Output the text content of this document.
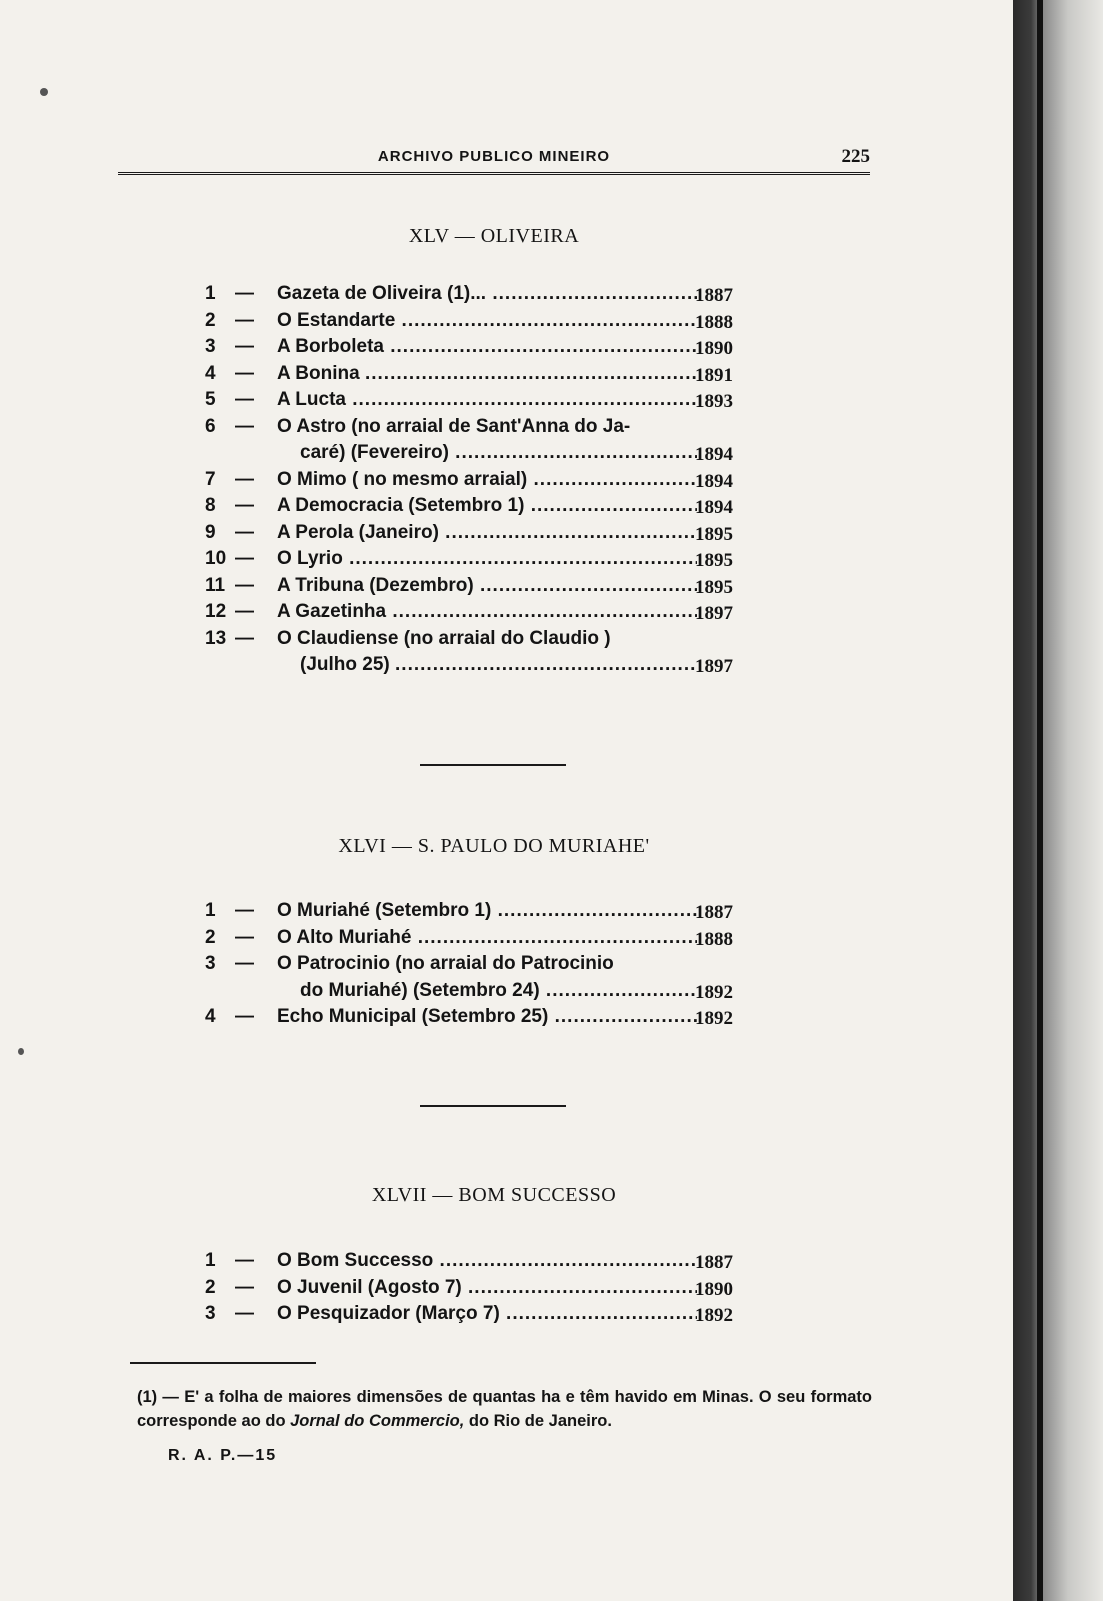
ARCHIVO PUBLICO MINEIRO	225
XLV — OLIVEIRA
1	— Gazeta de Oliveira (1)... .....	1887
2	— O Estandarte .....	1888
3	— A Borboleta .....	1890
4	— A Bonina .....	1891
5	— A Lucta .....	1893
6	— O Astro (no arraial de Sant'Anna do Ja-
caré) (Fevereiro) .....	1894
7	— O Mimo ( no mesmo arraial) .....	1894
8	— A Democracia (Setembro 1) .....	1894
9	— A Perola (Janeiro) .....	1895
10 — O Lyrio .....	1895
11 — A Tribuna (Dezembro) .....	1895
12 — A Gazetinha .....	1897
13 — O Claudiense (no arraial do Claudio )
(Julho 25) .....	1897
XLVI — S. PAULO DO MURIAHE'
1	— O Muriahé (Setembro 1) .....	1887
2	— O Alto Muriahé .....	1888
3	— O Patrocinio (no arraial do Patrocinio
do Muriahé) (Setembro 24) .....	1892
4	— Echo Municipal (Setembro 25) .....	1892
XLVII — BOM SUCCESSO
1	— O Bom Successo .....	1887
2	— O Juvenil (Agosto 7) .....	1890
3	— O Pesquizador (Março 7) .....	1892
(1) — E' a folha de maiores dimensões de quantas ha e têm havido em Minas. O seu formato corresponde ao do Jornal do Commercio, do Rio de Janeiro.
R. A. P.—15
